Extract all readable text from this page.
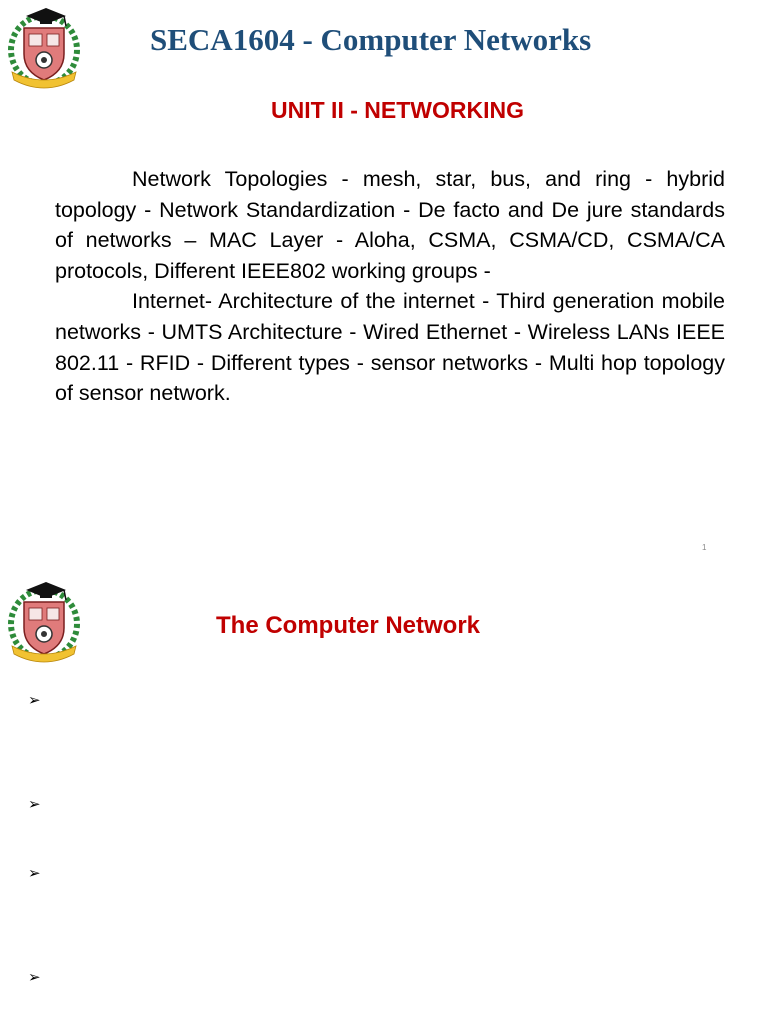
SECA1604 - Computer Networks
UNIT II - NETWORKING

Network Topologies - mesh, star, bus, and ring - hybrid topology - Network Standardization - De facto and De jure standards of networks – MAC Layer - Aloha, CSMA, CSMA/CD, CSMA/CA protocols, Different IEEE802 working groups -
Internet- Architecture of the internet - Third generation mobile networks - UMTS Architecture - Wired Ethernet - Wireless LANs IEEE 802.11 - RFID - Different types - sensor networks - Multi hop topology of sensor network.

1
The Computer Network
➢
➢
➢
➢
